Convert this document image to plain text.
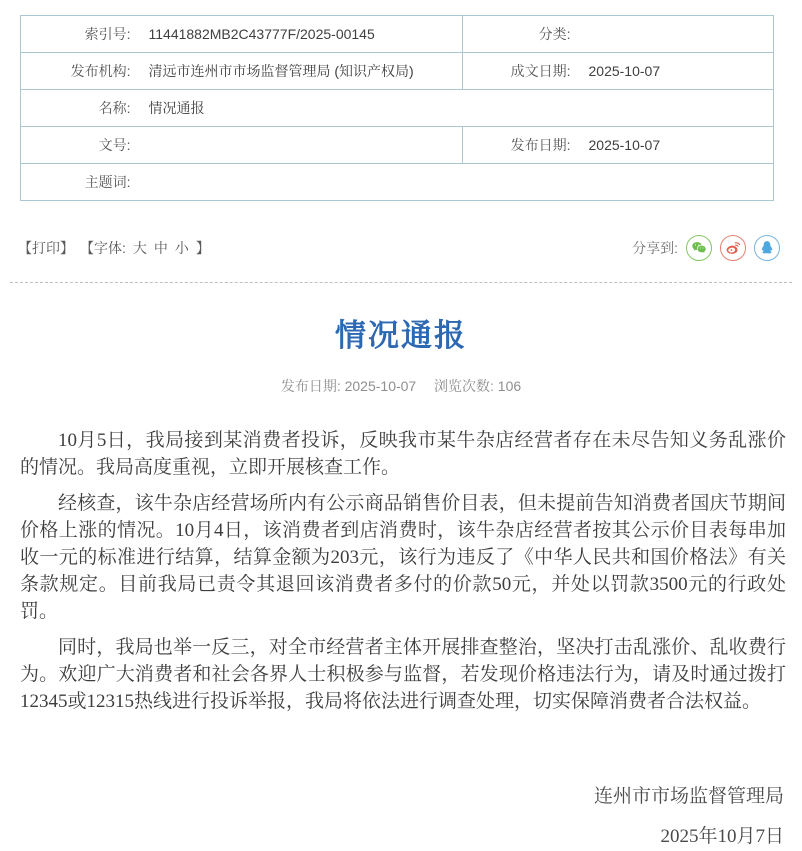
索引号:	11441882MB2C43777F/2025-00145	分类:	
发布机构:	清远市连州市市场监督管理局 (知识产权局)	成文日期:	2025-10-07
名称:	情况通报		
文号:		发布日期:	2025-10-07
主题词:			
【打印】 【字体: 大 中 小 】	分享到:
情况通报
发布日期: 2025-10-07 浏览次数: 106

10月5日，我局接到某消费者投诉，反映我市某牛杂店经营者存在未尽告知义务乱涨价的情况。我局高度重视，立即开展核查工作。

经核查，该牛杂店经营场所内有公示商品销售价目表，但未提前告知消费者国庆节期间价格上涨的情况。10月4日，该消费者到店消费时，该牛杂店经营者按其公示价目表每串加收一元的标准进行结算，结算金额为203元，该行为违反了《中华人民共和国价格法》有关条款规定。目前我局已责令其退回该消费者多付的价款50元，并处以罚款3500元的行政处罚。

同时，我局也举一反三，对全市经营者主体开展排查整治，坚决打击乱涨价、乱收费行为。欢迎广大消费者和社会各界人士积极参与监督，若发现价格违法行为，请及时通过拨打12345或12315热线进行投诉举报，我局将依法进行调查处理，切实保障消费者合法权益。

连州市市场监督管理局
2025年10月7日
